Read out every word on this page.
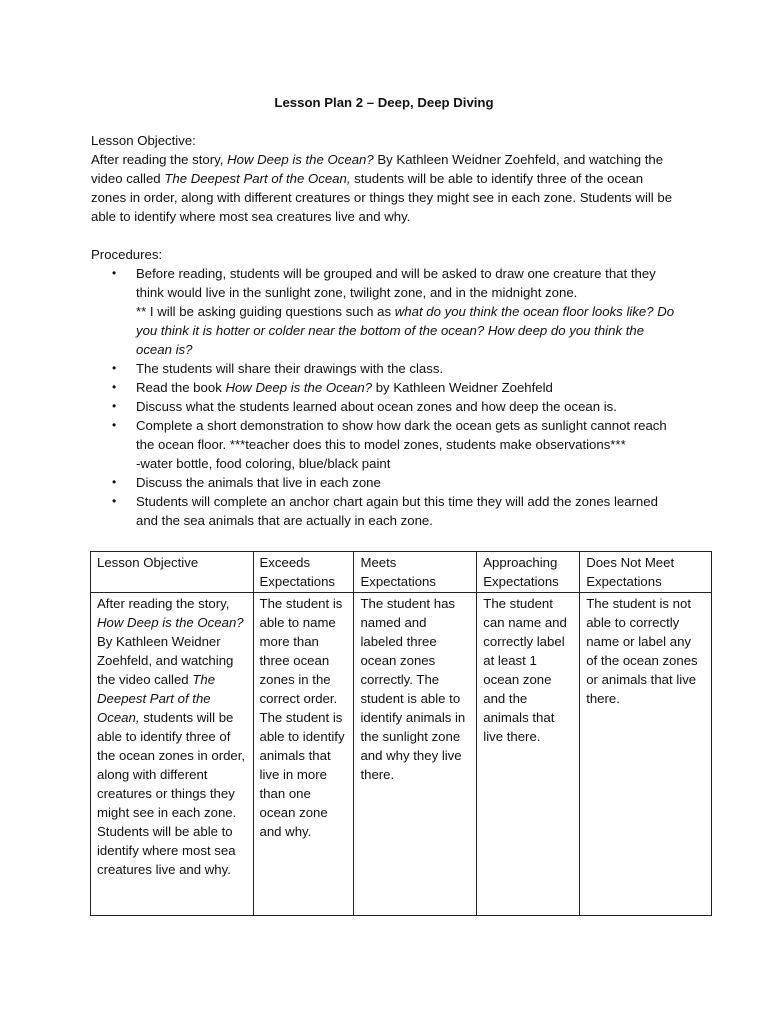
Lesson Plan 2 – Deep, Deep Diving
Lesson Objective:
After reading the story, How Deep is the Ocean? By Kathleen Weidner Zoehfeld, and watching the video called The Deepest Part of the Ocean, students will be able to identify three of the ocean zones in order, along with different creatures or things they might see in each zone. Students will be able to identify where most sea creatures live and why.
Procedures:
• Before reading, students will be grouped and will be asked to draw one creature that they think would live in the sunlight zone, twilight zone, and in the midnight zone.
** I will be asking guiding questions such as what do you think the ocean floor looks like? Do you think it is hotter or colder near the bottom of the ocean? How deep do you think the ocean is?
• The students will share their drawings with the class.
• Read the book How Deep is the Ocean? by Kathleen Weidner Zoehfeld
• Discuss what the students learned about ocean zones and how deep the ocean is.
• Complete a short demonstration to show how dark the ocean gets as sunlight cannot reach the ocean floor. ***teacher does this to model zones, students make observations***
-water bottle, food coloring, blue/black paint
• Discuss the animals that live in each zone
• Students will complete an anchor chart again but this time they will add the zones learned and the sea animals that are actually in each zone.
Lesson Objective	Exceeds Expectations	Meets Expectations	Approaching Expectations	Does Not Meet Expectations
After reading the story, How Deep is the Ocean? By Kathleen Weidner Zoehfeld, and watching the video called The Deepest Part of the Ocean, students will be able to identify three of the ocean zones in order, along with different creatures or things they might see in each zone. Students will be able to identify where most sea creatures live and why.	The student is able to name more than three ocean zones in the correct order. The student is able to identify animals that live in more than one ocean zone and why.	The student has named and labeled three ocean zones correctly. The student is able to identify animals in the sunlight zone and why they live there.	The student can name and correctly label at least 1 ocean zone and the animals that live there.	The student is not able to correctly name or label any of the ocean zones or animals that live there.
